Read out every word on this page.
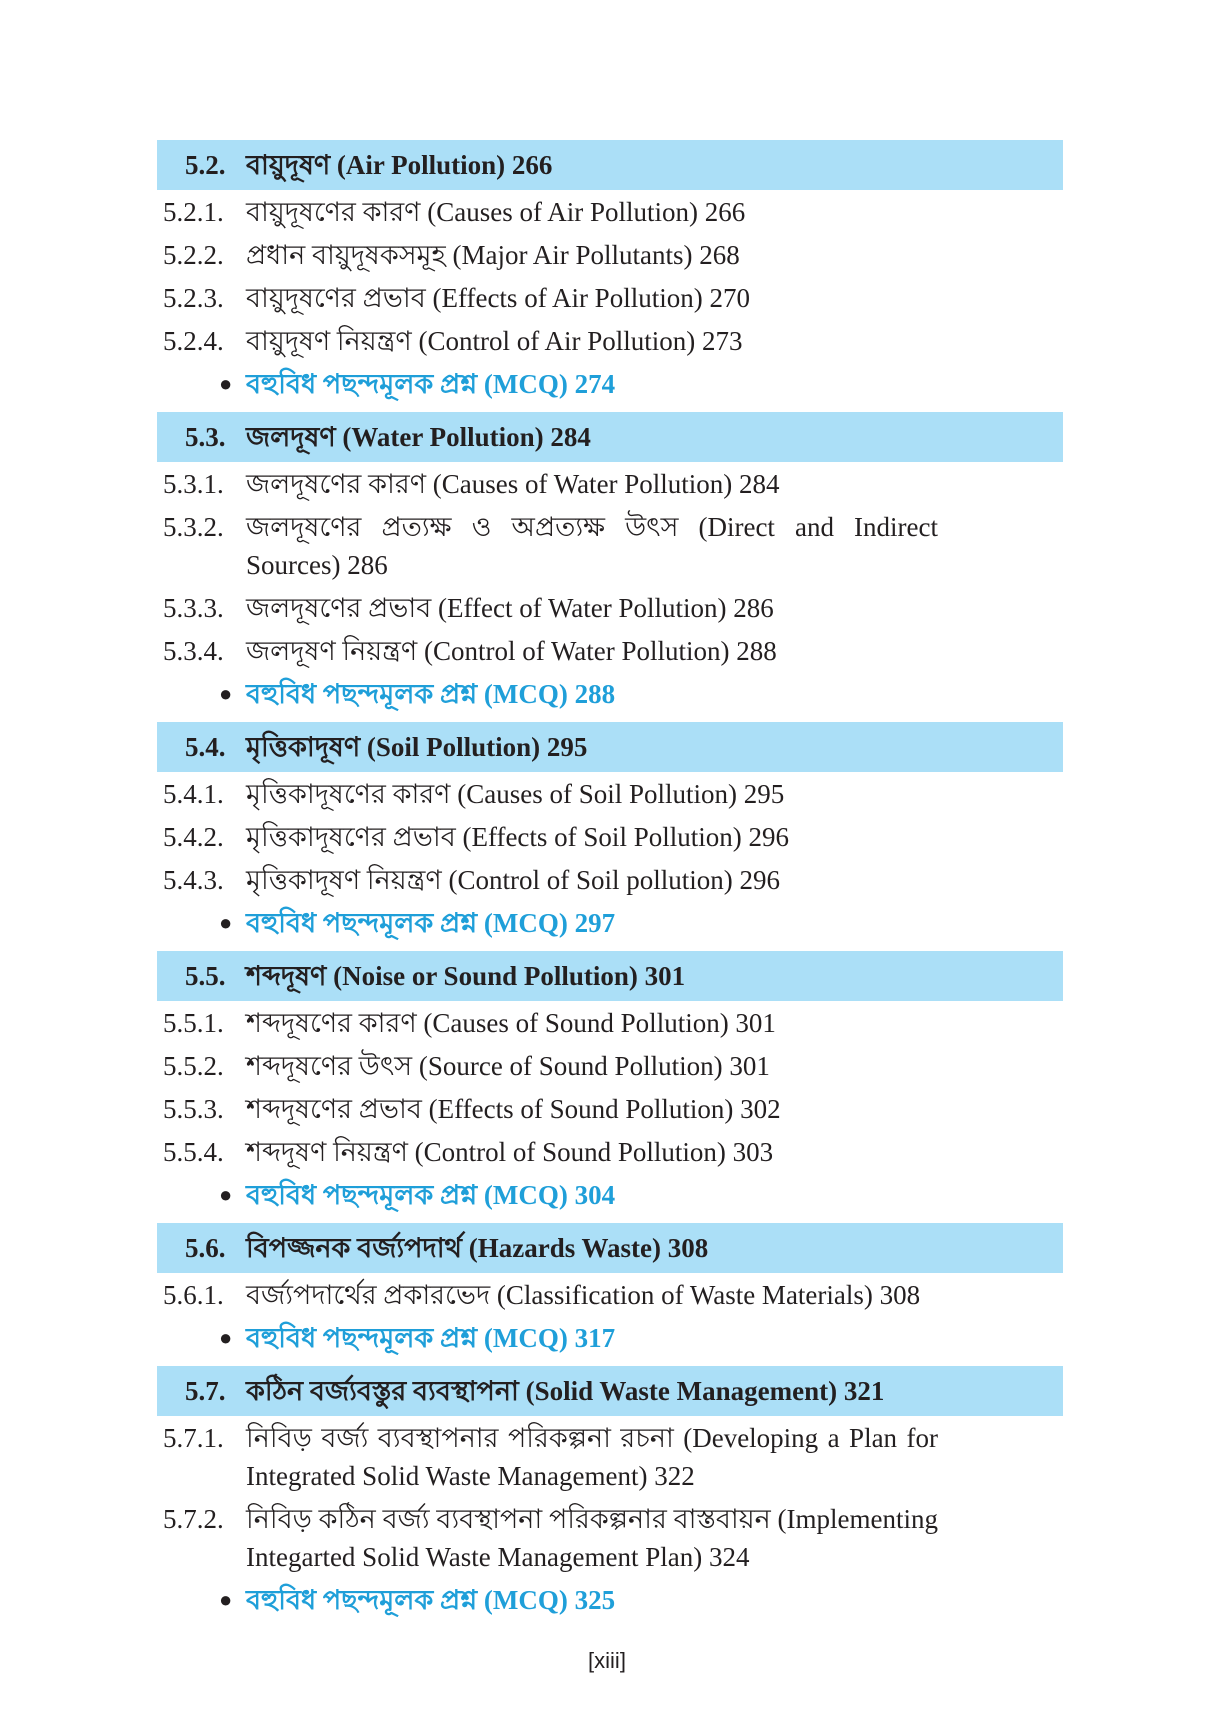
5.2. বায়ুদূষণ (Air Pollution) 266
5.2.1. বায়ুদূষণের কারণ (Causes of Air Pollution) 266
5.2.2. প্রধান বায়ুদূষকসমূহ (Major Air Pollutants) 268
5.2.3. বায়ুদূষণের প্রভাব (Effects of Air Pollution) 270
5.2.4. বায়ুদূষণ নিয়ন্ত্রণ (Control of Air Pollution) 273
● বহুবিধ পছন্দমূলক প্রশ্ন (MCQ) 274
5.3. জলদূষণ (Water Pollution) 284
5.3.1. জলদূষণের কারণ (Causes of Water Pollution) 284
5.3.2. জলদূষণের প্রত্যক্ষ ও অপ্রত্যক্ষ উৎস (Direct and Indirect Sources) 286
5.3.3. জলদূষণের প্রভাব (Effect of Water Pollution) 286
5.3.4. জলদূষণ নিয়ন্ত্রণ (Control of Water Pollution) 288
● বহুবিধ পছন্দমূলক প্রশ্ন (MCQ) 288
5.4. মৃত্তিকাদূষণ (Soil Pollution) 295
5.4.1. মৃত্তিকাদূষণের কারণ (Causes of Soil Pollution) 295
5.4.2. মৃত্তিকাদূষণের প্রভাব (Effects of Soil Pollution) 296
5.4.3. মৃত্তিকাদূষণ নিয়ন্ত্রণ (Control of Soil pollution) 296
● বহুবিধ পছন্দমূলক প্রশ্ন (MCQ) 297
5.5. শব্দদূষণ (Noise or Sound Pollution) 301
5.5.1. শব্দদূষণের কারণ (Causes of Sound Pollution) 301
5.5.2. শব্দদূষণের উৎস (Source of Sound Pollution) 301
5.5.3. শব্দদূষণের প্রভাব (Effects of Sound Pollution) 302
5.5.4. শব্দদূষণ নিয়ন্ত্রণ (Control of Sound Pollution) 303
● বহুবিধ পছন্দমূলক প্রশ্ন (MCQ) 304
5.6. বিপজ্জনক বর্জ্যপদার্থ (Hazards Waste) 308
5.6.1. বর্জ্যপদার্থের প্রকারভেদ (Classification of Waste Materials) 308
● বহুবিধ পছন্দমূলক প্রশ্ন (MCQ) 317
5.7. কঠিন বর্জ্যবস্তুর ব্যবস্থাপনা (Solid Waste Management) 321
5.7.1. নিবিড় বর্জ্য ব্যবস্থাপনার পরিকল্পনা রচনা (Developing a Plan for Integrated Solid Waste Management) 322
5.7.2. নিবিড় কঠিন বর্জ্য ব্যবস্থাপনা পরিকল্পনার বাস্তবায়ন (Implementing Integarted Solid Waste Management Plan) 324
● বহুবিধ পছন্দমূলক প্রশ্ন (MCQ) 325
[xiii]
